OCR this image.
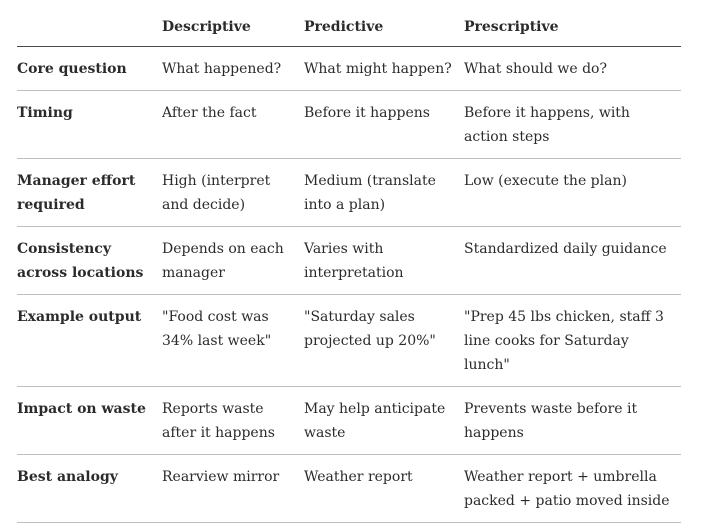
	Descriptive	Predictive	Prescriptive
Core question	What happened?	What might happen?	What should we do?
Timing	After the fact	Before it happens	Before it happens, with action steps
Manager effort required	High (interpret and decide)	Medium (translate into a plan)	Low (execute the plan)
Consistency across locations	Depends on each manager	Varies with interpretation	Standardized daily guidance
Example output	"Food cost was 34% last week"	"Saturday sales projected up 20%"	"Prep 45 lbs chicken, staff 3 line cooks for Saturday lunch"
Impact on waste	Reports waste after it happens	May help anticipate waste	Prevents waste before it happens
Best analogy	Rearview mirror	Weather report	Weather report + umbrella packed + patio moved inside
